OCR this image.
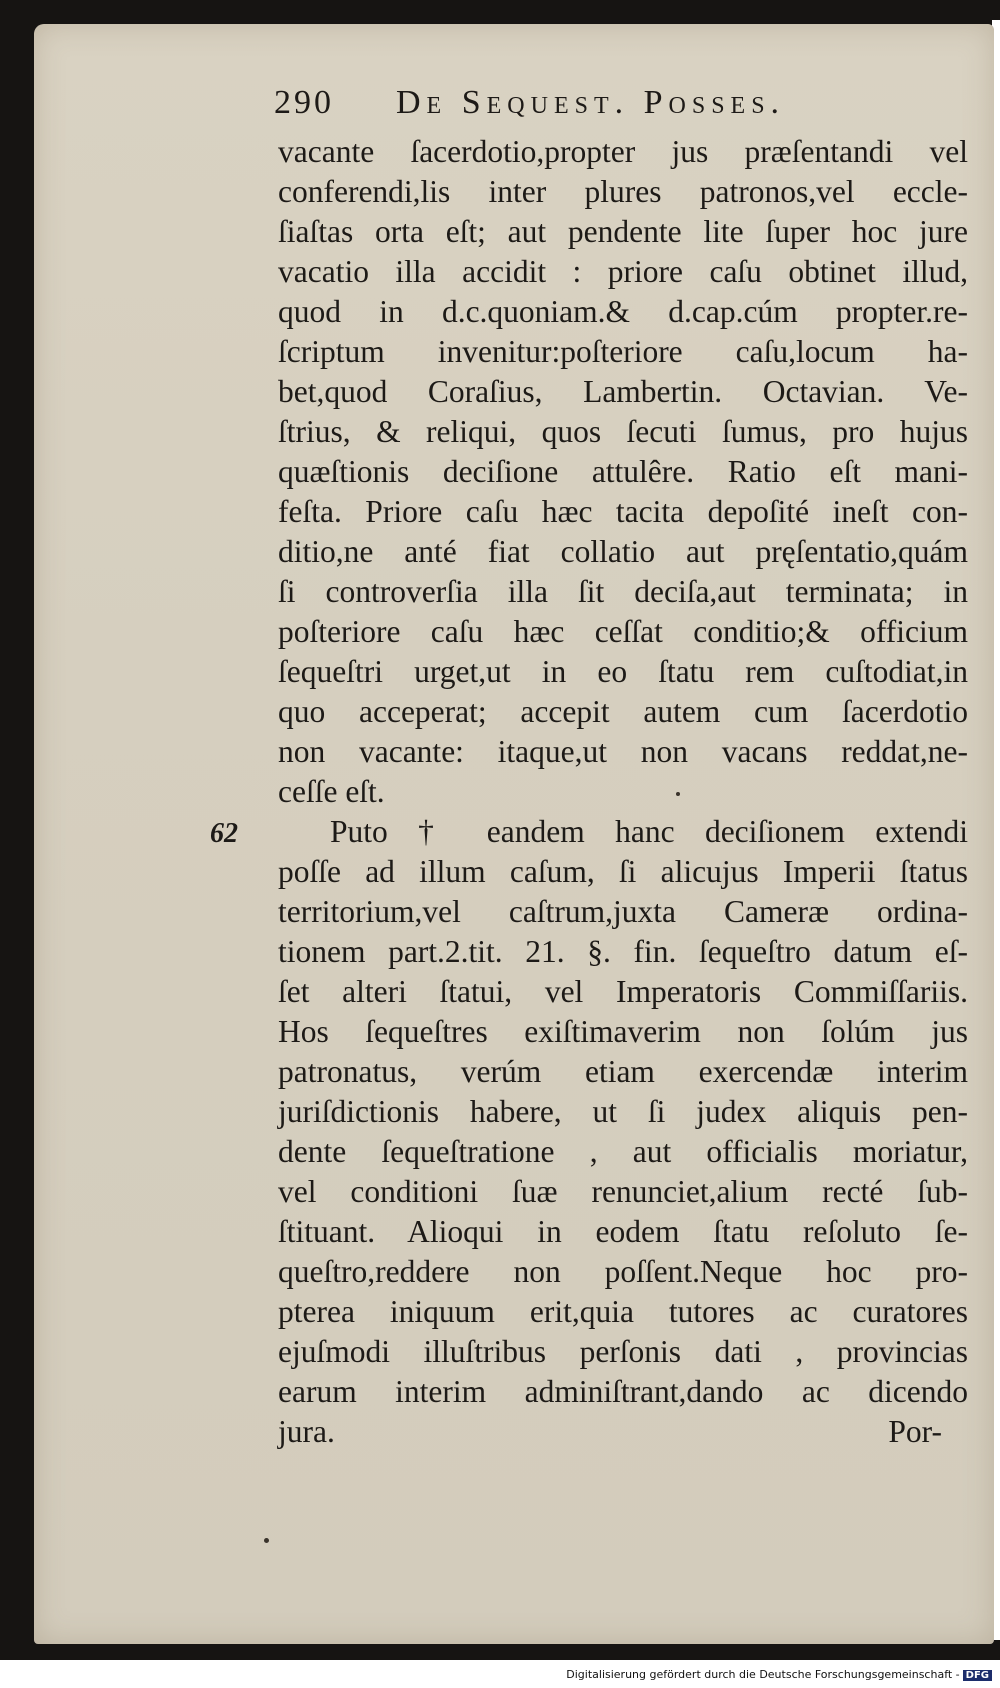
290 De Sequest. Posses.
62
vacante ſacerdotio,propter jus præſentandi vel
conferendi,lis inter plures patronos,vel eccle-
ſiaſtas orta eſt; aut pendente lite ſuper hoc jure
vacatio illa accidit : priore caſu obtinet illud,
quod in d.c.quoniam.& d.cap.cúm propter.re-
ſcriptum invenitur:poſteriore caſu,locum ha-
bet,quod Coraſius, Lambertin. Octavian. Ve-
ſtrius, & reliqui, quos ſecuti ſumus, pro hujus
quæſtionis deciſione attulêre. Ratio eſt mani-
feſta. Priore caſu hæc tacita depoſité ineſt con-
ditio,ne anté fiat collatio aut pręſentatio,quám
ſi controverſia illa ſit deciſa,aut terminata; in
poſteriore caſu hæc ceſſat conditio;& officium
ſequeſtri urget,ut in eo ſtatu rem cuſtodiat,in
quo acceperat; accepit autem cum ſacerdotio
non vacante: itaque,ut non vacans reddat,ne-
ceſſe eſt.
Puto † eandem hanc deciſionem extendi
poſſe ad illum caſum, ſi alicujus Imperii ſtatus
territorium,vel caſtrum,juxta Cameræ ordina-
tionem part.2.tit. 21. §. fin. ſequeſtro datum eſ-
ſet alteri ſtatui, vel Imperatoris Commiſſariis.
Hos ſequeſtres exiſtimaverim non ſolúm jus
patronatus, verúm etiam exercendæ interim
juriſdictionis habere, ut ſi judex aliquis pen-
dente ſequeſtratione , aut officialis moriatur,
vel conditioni ſuæ renunciet,alium recté ſub-
ſtituant. Alioqui in eodem ſtatu reſoluto ſe-
queſtro,reddere non poſſent.Neque hoc pro-
pterea iniquum erit,quia tutores ac curatores
ejuſmodi illuſtribus perſonis dati , provincias
earum interim adminiſtrant,dando ac dicendo
jura.	Por-
Digitalisierung gefördert durch die Deutsche Forschungsgemeinschaft - DFG
